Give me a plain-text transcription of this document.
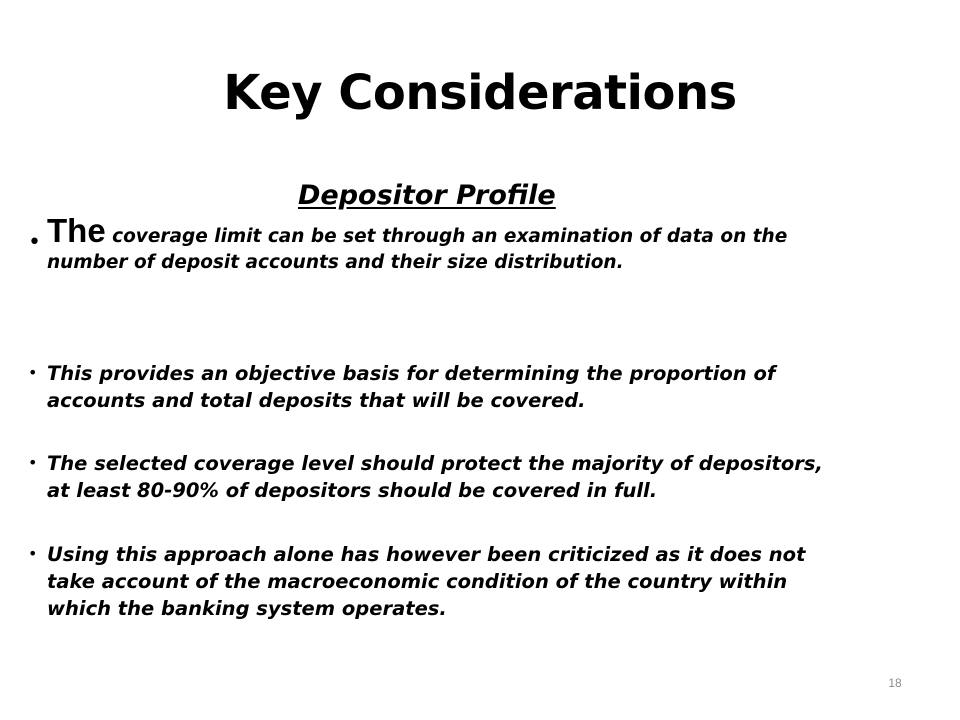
Key Considerations
Depositor Profile
• The coverage limit can be set through an examination of data on the number of deposit accounts and their size distribution.
• This provides an objective basis for determining the proportion of accounts and total deposits that will be covered.
• The selected coverage level should protect the majority of depositors, at least 80-90% of depositors should be covered in full.
• Using this approach alone has however been criticized as it does not take account of the macroeconomic condition of the country within which the banking system operates.
18
